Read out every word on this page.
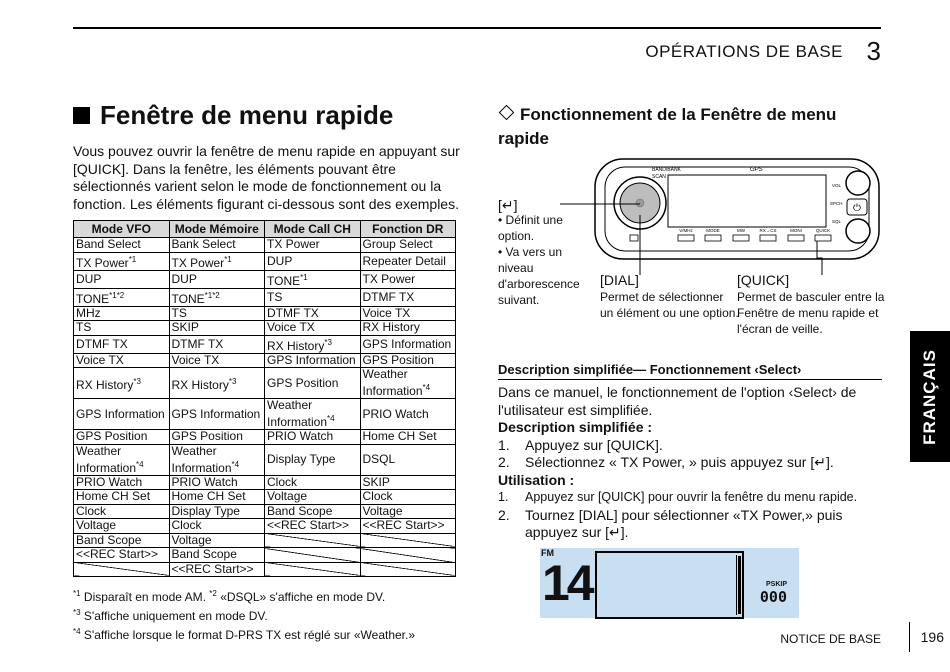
OPÉRATIONS DE BASE 3
Fenêtre de menu rapide
Vous pouvez ouvrir la fenêtre de menu rapide en appuyant sur [QUICK]. Dans la fenêtre, les éléments pouvant être sélectionnés varient selon le mode de fonctionnement ou la fonction. Les éléments figurant ci-dessous sont des exemples.
Mode VFO	Mode Mémoire	Mode Call CH	Fonction DR
Band Select	Bank Select	TX Power	Group Select
TX Power$^{*1}$	TX Power$^{*1}$	DUP	Repeater Detail
DUP	DUP	TONE$^{*1}$	TX Power
$TONE^{*1*2}$	$TONE^{*1*2}$	TS	DTMF TX
MHz	TS	DTMF TX	Voice TX
TS	SKIP	Voice TX	RX History
DTMF TX	DTMF TX	RX History$^{*3}$	GPS Information
Voice TX	Voice TX	GPS Information	GPS Position
RX History$^{*3}$	RX History$^{*3}$	GPS Position	Weather Information$^{*4}$
GPS Information	GPS Information	Weather Information$^{*4}$	PRIO Watch
GPS Position	GPS Position	PRIO Watch	Home CH Set
Weather Information$^{*4}$	Weather Information$^{*4}$	Display Type	DSQL
PRIO Watch	PRIO Watch	Clock	SKIP
Home CH Set	Home CH Set	Voltage	Clock
Clock	Display Type	Band Scope	Voltage
Voltage	Clock	<<REC Start>>	<<REC Start>>
Band Scope	Voltage		
<<REC Start>>	Band Scope		
	<<REC Start>>		
$^{*1}$ Disparaît en mode AM. $^{*2}$ «DSQL» s'affiche en mode DV.
$^{*3}$ S'affiche uniquement en mode DV.
$^{*4}$ S'affiche lorsque le format D-PRS TX est réglé sur «Weather.»
Fonctionnement de la Fenêtre de menu rapide
BAND/BANK
SCAN
GPS
VOL
SPCH
SQL
⏻
V/MHz	MODE	MW	RX→CS	MONI	QUICK
[↵]
• Définit une option.
• Va vers un niveau d'arborescence suivant.
[DIAL]
Permet de sélectionner un élément ou une option.
[QUICK]
Permet de basculer entre la Fenêtre de menu rapide et l'écran de veille.
Description simplifiée— Fonctionnement ‹Select›
Dans ce manuel, le fonctionnement de l'option ‹Select› de l'utilisateur est simplifiée.
Description simplifiée :
1.	Appuyez sur [QUICK].
2.	Sélectionnez « TX Power, » puis appuyez sur [↵].
Utilisation :
1.	Appuyez sur [QUICK] pour ouvrir la fenêtre du menu rapide.
2.	Tournez [DIAL] pour sélectionner «TX Power,» puis appuyez sur [↵].
FM
14	PSKIP
000
FRANÇAIS
NOTICE DE BASE	196
